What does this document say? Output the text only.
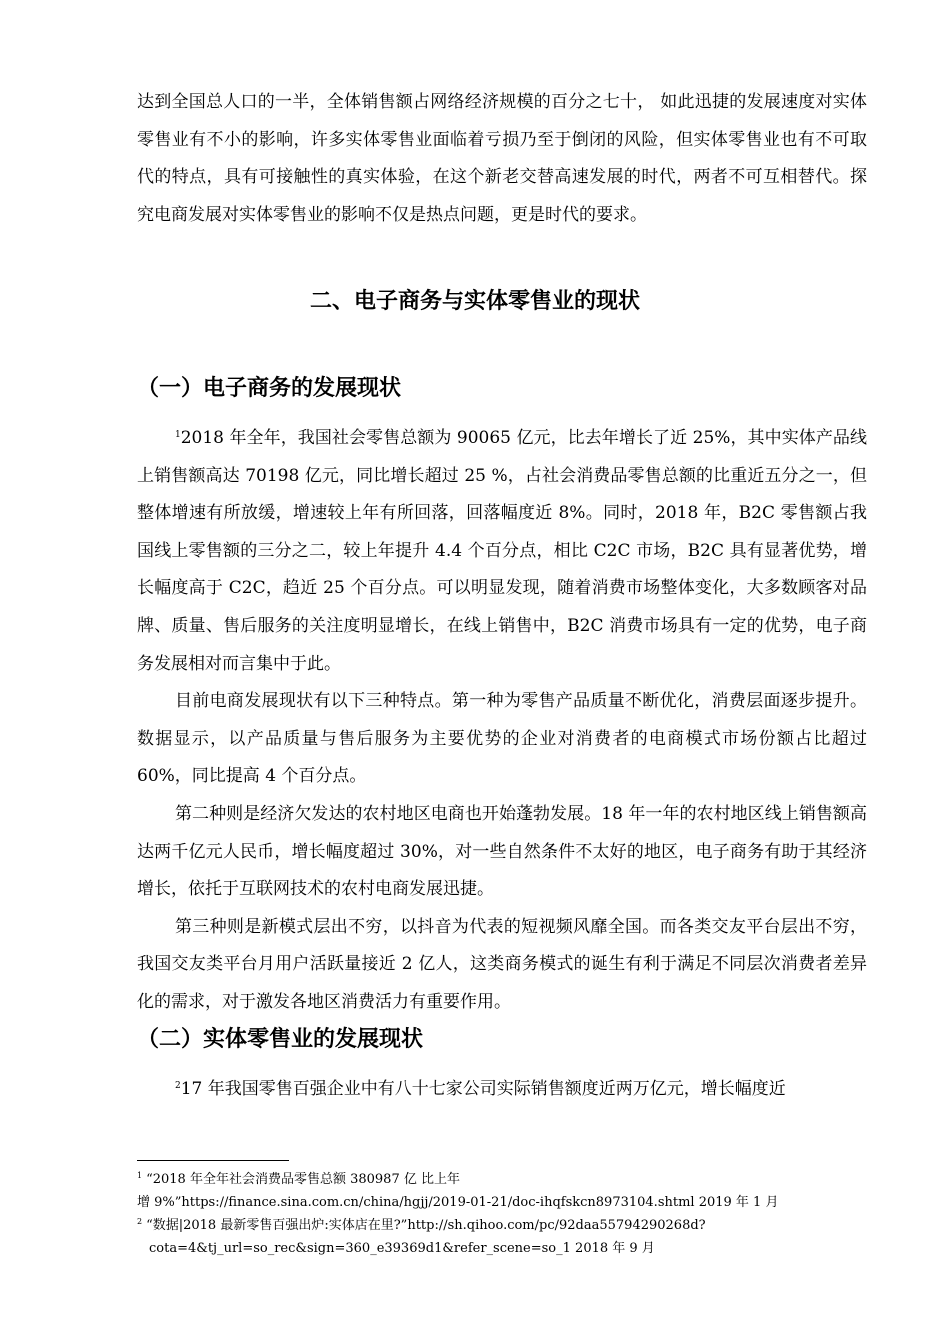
达到全国总人口的一半，全体销售额占网络经济规模的百分之七十， 如此迅捷的发展速度对实体零售业有不小的影响，许多实体零售业面临着亏损乃至于倒闭的风险，但实体零售业也有不可取代的特点，具有可接触性的真实体验，在这个新老交替高速发展的时代，两者不可互相替代。探究电商发展对实体零售业的影响不仅是热点问题，更是时代的要求。

二、电子商务与实体零售业的现状
（一）电子商务的发展现状

$^1$2018 年全年，我国社会零售总额为 90065 亿元，比去年增长了近 25%，其中实体产品线上销售额高达 70198 亿元，同比增长超过 25 %，占社会消费品零售总额的比重近五分之一，但整体增速有所放缓，增速较上年有所回落，回落幅度近 8%。同时，2018 年，B2C 零售额占我国线上零售额的三分之二，较上年提升 4.4 个百分点，相比 C2C 市场，B2C 具有显著优势，增长幅度高于 C2C，趋近 25 个百分点。可以明显发现，随着消费市场整体变化，大多数顾客对品牌、质量、售后服务的关注度明显增长，在线上销售中，B2C 消费市场具有一定的优势，电子商务发展相对而言集中于此。

目前电商发展现状有以下三种特点。第一种为零售产品质量不断优化，消费层面逐步提升。数据显示，以产品质量与售后服务为主要优势的企业对消费者的电商模式市场份额占比超过 60%，同比提高 4 个百分点。

第二种则是经济欠发达的农村地区电商也开始蓬勃发展。18 年一年的农村地区线上销售额高达两千亿元人民币，增长幅度超过 30%，对一些自然条件不太好的地区，电子商务有助于其经济增长，依托于互联网技术的农村电商发展迅捷。

第三种则是新模式层出不穷，以抖音为代表的短视频风靡全国。而各类交友平台层出不穷，我国交友类平台月用户活跃量接近 2 亿人，这类商务模式的诞生有利于满足不同层次消费者差异化的需求，对于激发各地区消费活力有重要作用。

（二）实体零售业的发展现状

$^2$17 年我国零售百强企业中有八十七家公司实际销售额度近两万亿元，增长幅度近

$^1$ “2018 年全年社会消费品零售总额 380987 亿 比上年
增 9%”https://finance.sina.com.cn/china/hgjj/2019-01-21/doc-ihqfskcn8973104.shtml 2019 年 1 月

$^2$ “数据|2018 最新零售百强出炉:实体店在里?”http://sh.qihoo.com/pc/92daa55794290268d?

cota=4&tj_url=so_rec&sign=360_e39369d1&refer_scene=so_1 2018 年 9 月
